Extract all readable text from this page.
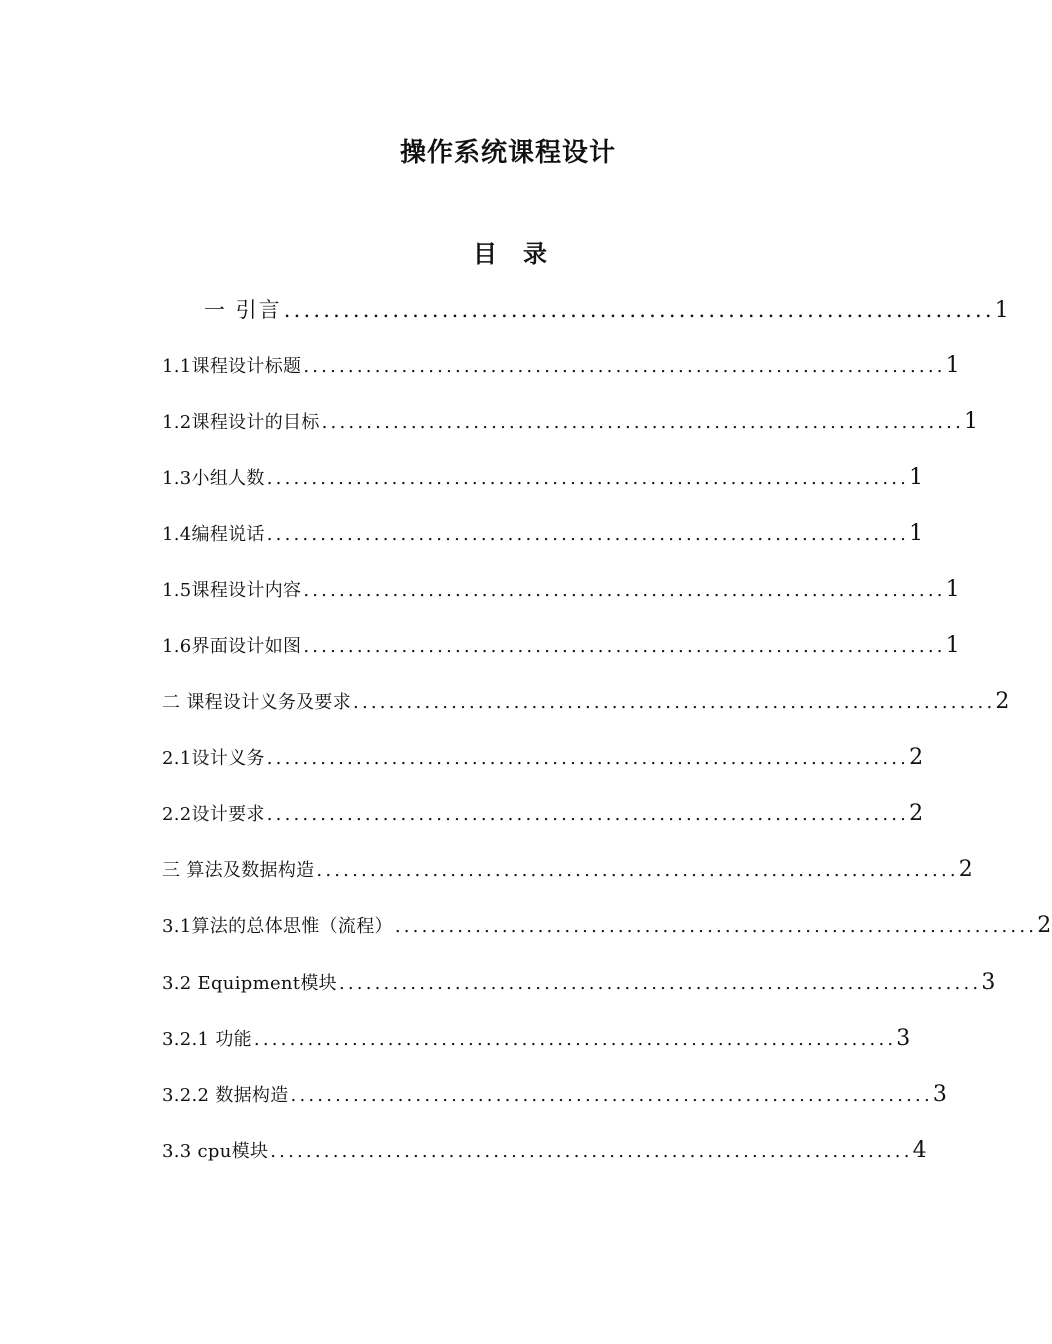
操作系统课程设计
目 录
一 引言 ........................................................................ 1
1.1课程设计标题 ........................................................................ 1
1.2课程设计的目标 ........................................................................ 1
1.3小组人数 ........................................................................ 1
1.4编程说话 ........................................................................ 1
1.5课程设计内容 ........................................................................ 1
1.6界面设计如图 ........................................................................ 1
二 课程设计义务及要求 ........................................................................ 2
2.1设计义务 ........................................................................ 2
2.2设计要求 ........................................................................ 2
三 算法及数据构造 ........................................................................ 2
3.1算法的总体思惟（流程） ........................................................................ 2
3.2 Equipment模块 ........................................................................ 3
3.2.1 功能 ........................................................................ 3
3.2.2 数据构造 ........................................................................ 3
3.3 cpu模块 ........................................................................ 4
